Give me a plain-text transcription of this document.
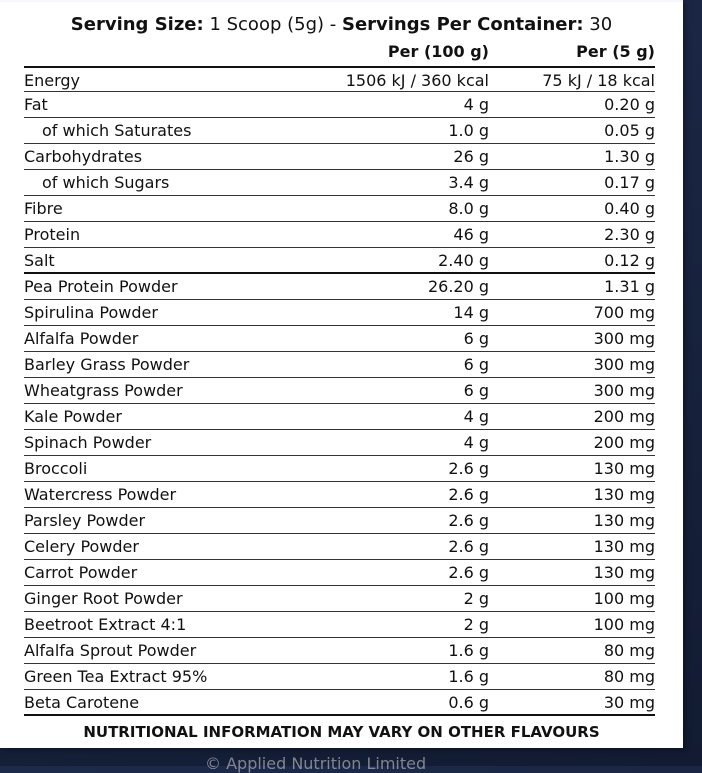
Serving Size: 1 Scoop (5g) - Servings Per Container: 30
Per (100 g)	Per (5 g)
Energy	1506 kJ / 360 kcal	75 kJ / 18 kcal
Fat	4 g	0.20 g
of which Saturates	1.0 g	0.05 g
Carbohydrates	26 g	1.30 g
of which Sugars	3.4 g	0.17 g
Fibre	8.0 g	0.40 g
Protein	46 g	2.30 g
Salt	2.40 g	0.12 g
Pea Protein Powder	26.20 g	1.31 g
Spirulina Powder	14 g	700 mg
Alfalfa Powder	6 g	300 mg
Barley Grass Powder	6 g	300 mg
Wheatgrass Powder	6 g	300 mg
Kale Powder	4 g	200 mg
Spinach Powder	4 g	200 mg
Broccoli	2.6 g	130 mg
Watercress Powder	2.6 g	130 mg
Parsley Powder	2.6 g	130 mg
Celery Powder	2.6 g	130 mg
Carrot Powder	2.6 g	130 mg
Ginger Root Powder	2 g	100 mg
Beetroot Extract 4:1	2 g	100 mg
Alfalfa Sprout Powder	1.6 g	80 mg
Green Tea Extract 95%	1.6 g	80 mg
Beta Carotene	0.6 g	30 mg
NUTRITIONAL INFORMATION MAY VARY ON OTHER FLAVOURS
© Applied Nutrition Limited
